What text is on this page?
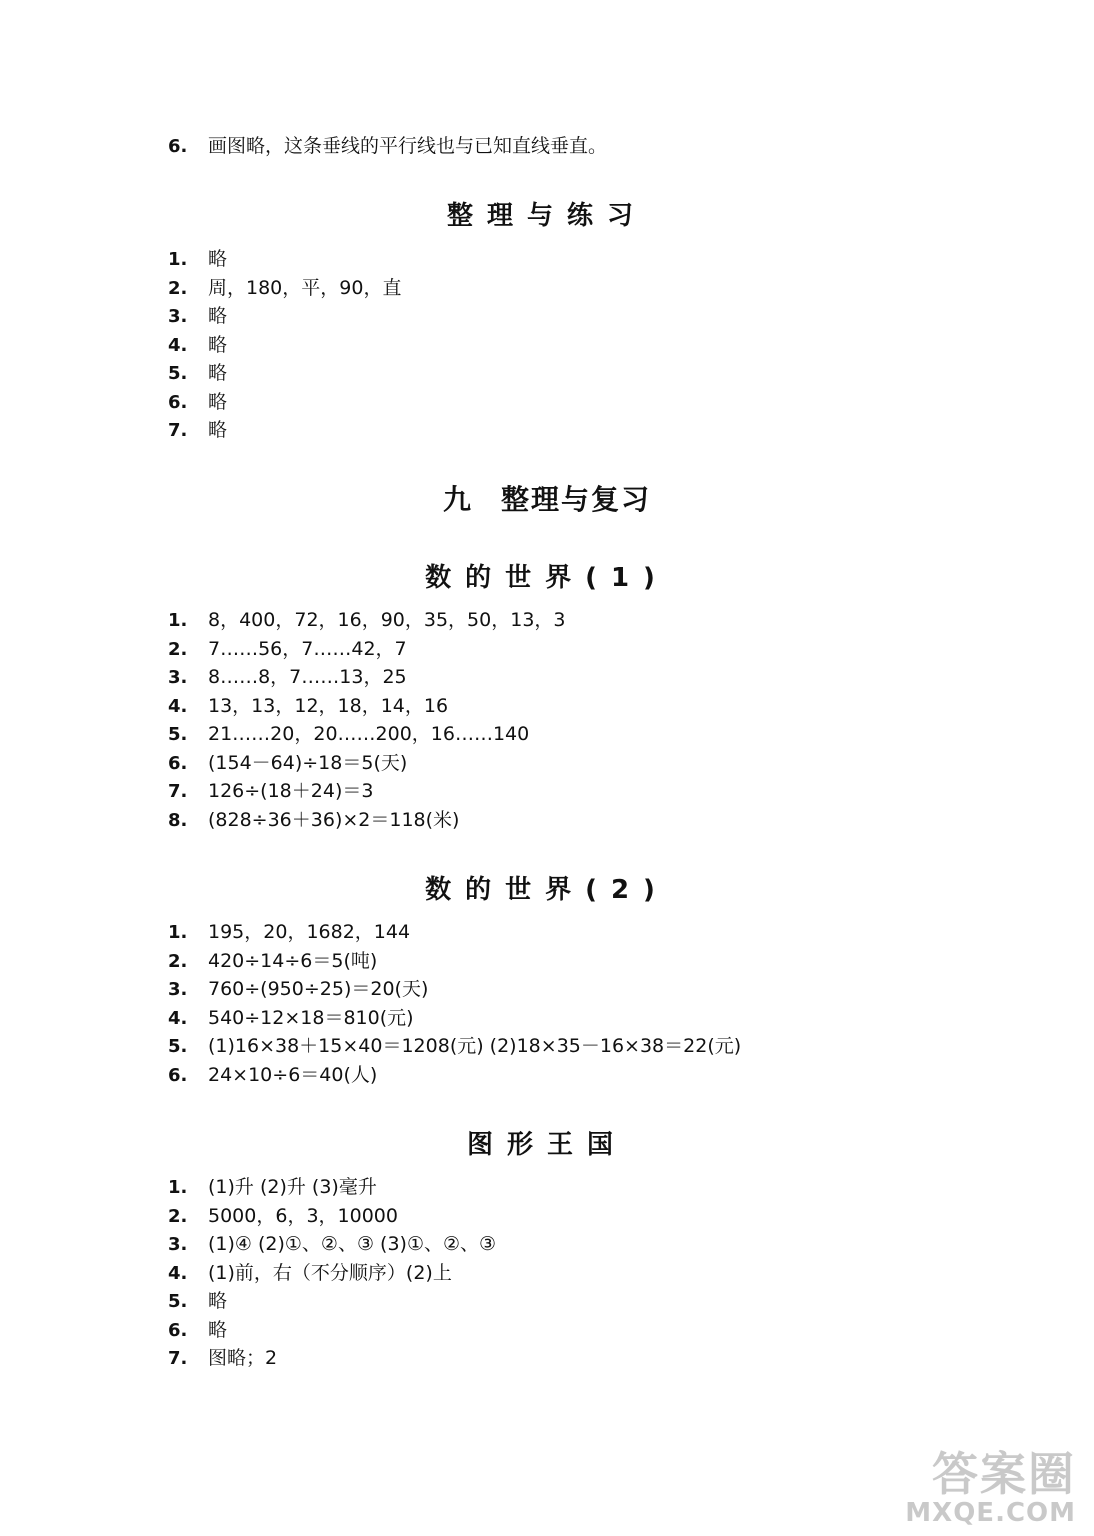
6. 画图略，这条垂线的平行线也与已知直线垂直。
整理与练习
1. 略
2. 周，180，平，90，直
3. 略
4. 略
5. 略
6. 略
7. 略
九 整理与复习
数的世界(1)
1. 8，400，72，16，90，35，50，13，3
2. 7……56，7……42，7
3. 8……8，7……13，25
4. 13，13，12，18，14，16
5. 21……20，20……200，16……140
6. (154－64)÷18＝5(天)
7. 126÷(18＋24)＝3
8. (828÷36＋36)×2＝118(米)
数的世界(2)
1. 195，20，1682，144
2. 420÷14÷6＝5(吨)
3. 760÷(950÷25)＝20(天)
4. 540÷12×18＝810(元)
5. (1)16×38＋15×40＝1208(元) (2)18×35－16×38＝22(元)
6. 24×10÷6＝40(人)
图形王国
1. (1)升 (2)升 (3)毫升
2. 5000，6，3，10000
3. (1)④ (2)①、②、③ (3)①、②、③
4. (1)前，右（不分顺序）(2)上
5. 略
6. 略
7. 图略；2
答案圈
MXQE.COM
